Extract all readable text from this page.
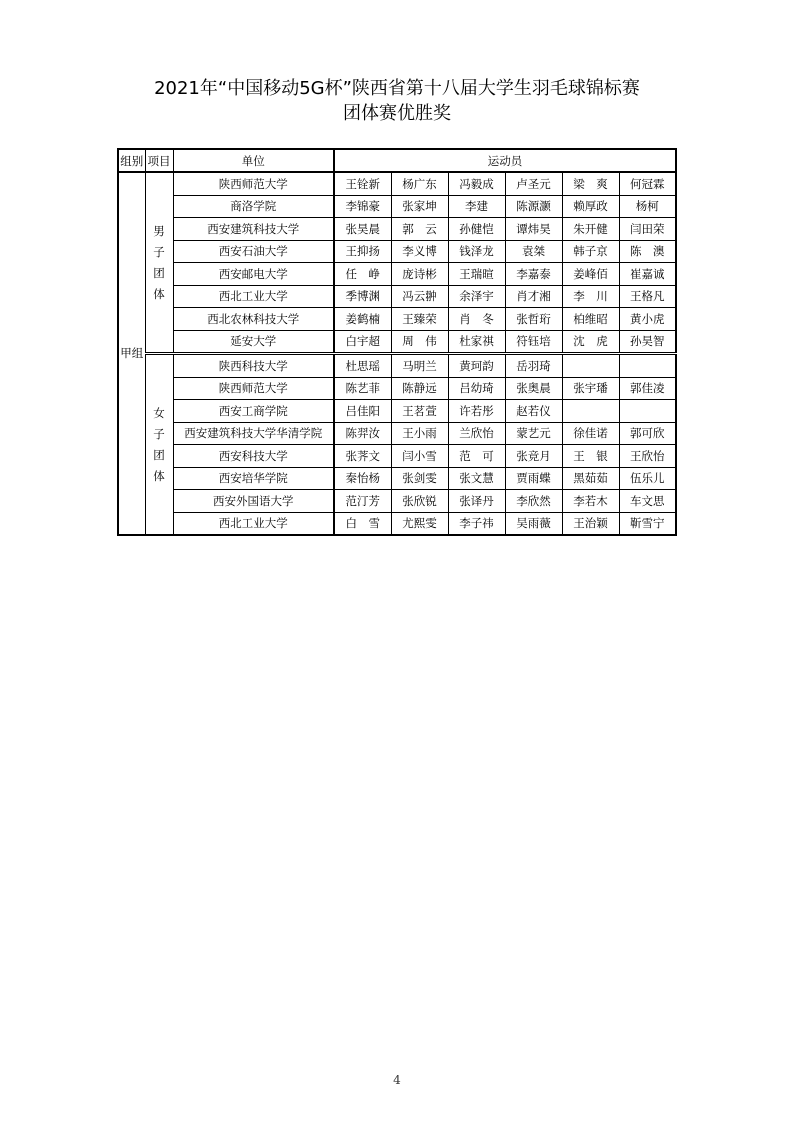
2021年“中国移动5G杯”陕西省第十八届大学生羽毛球锦标赛
团体赛优胜奖
组别	项目	单位	运动员					
甲组	男
子
团
体	陕西师范大学	王铨新	杨广东	冯毅成	卢圣元	梁　爽	何冠霖
		商洛学院	李锦豪	张家坤	李建	陈源灏	赖厚政	杨柯
		西安建筑科技大学	张昊晨	郭　云	孙健恺	谭炜昊	朱开健	闫田荣
		西安石油大学	王抑扬	李义博	钱泽龙	袁桀	韩子京	陈　澳
		西安邮电大学	任　峥	庞诗彬	王瑞暄	李嘉泰	姜峰佰	崔嘉诚
		西北工业大学	季博渊	冯云翀	余泽宇	肖才湘	李　川	王格凡
		西北农林科技大学	姜鹤楠	王臻荣	肖　冬	张哲珩	柏维昭	黄小虎
		延安大学	白宇超	周　伟	杜家祺	符钰培	沈　虎	孙昊智
	女
子
团
体	陕西科技大学	杜思瑶	马明兰	黄珂韵	岳羽琦		
		陕西师范大学	陈艺菲	陈静远	吕幼琦	张奥晨	张宇璠	郭佳凌
		西安工商学院	吕佳阳	王茗萱	许若彤	赵若仪		
		西安建筑科技大学华清学院	陈羿汝	王小雨	兰欣怡	蒙艺元	徐佳诺	郭可欣
		西安科技大学	张荠文	闫小雪	范　可	张竞月	王　银	王欣怡
		西安培华学院	秦怡杨	张剑雯	张文慧	贾雨蝶	黑茹茹	伍乐儿
		西安外国语大学	范汀芳	张欣锐	张译丹	李欣然	李若木	车文思
		西北工业大学	白　雪	尤熙雯	李子祎	吴雨薇	王治颖	靳雪宁
4
